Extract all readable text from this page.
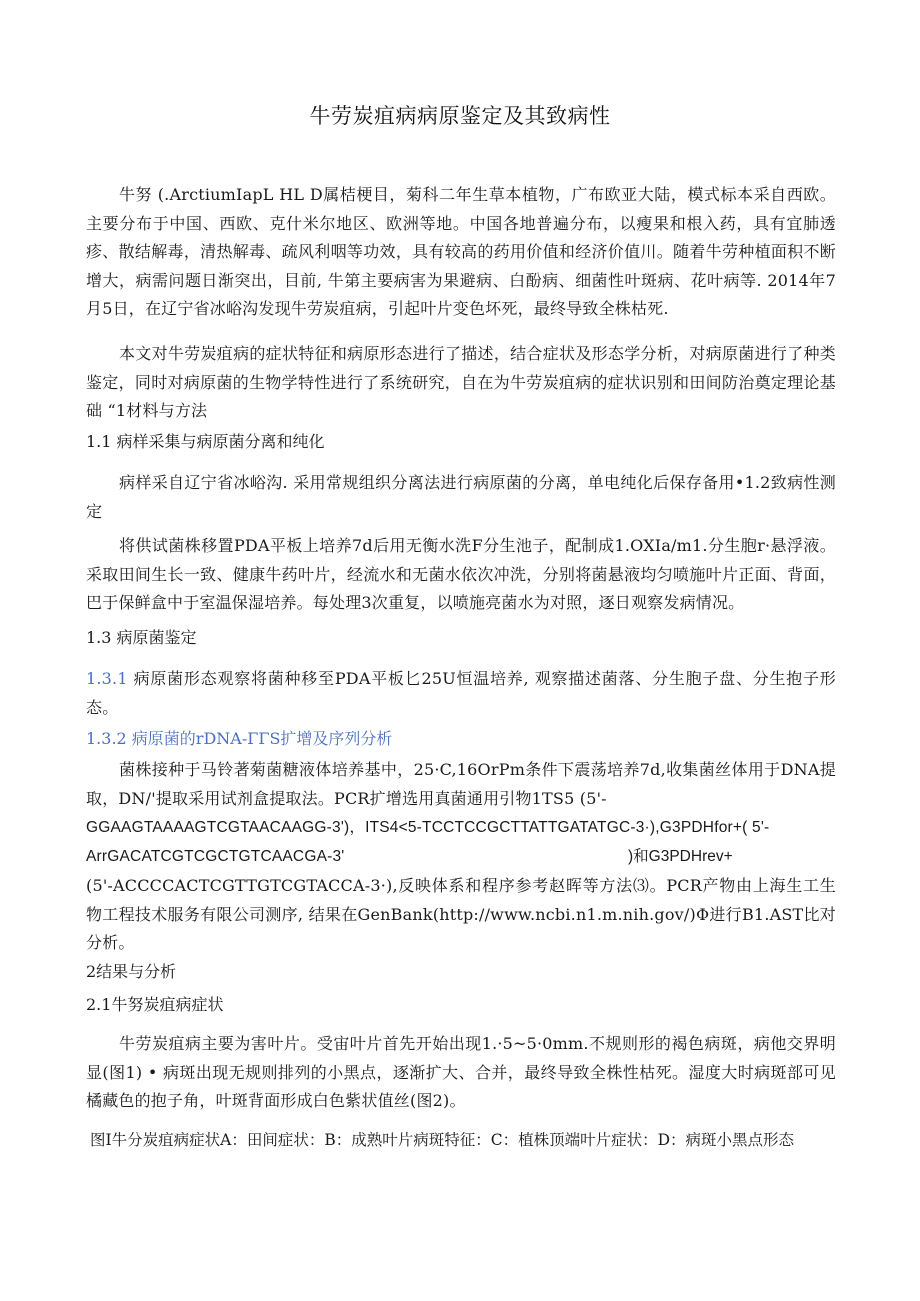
牛劳炭疽病病原鉴定及其致病性

牛努 (.ArctiumIapL HL D属桔梗目，菊科二年生草本植物，广布欧亚大陆，模式标本采自西欧。主要分布于中国、西欧、克什米尔地区、欧洲等地。中国各地普遍分布，以瘦果和根入药，具有宜肺透疹、散结解毒，清热解毒、疏风利咽等功效，具有较高的药用价值和经济价值川。随着牛劳种植面积不断增大，病需问题日渐突出，目前, 牛第主要病害为果避病、白酚病、细菌性叶斑病、花叶病等. 2014年7月5日，在辽宁省冰峪沟发现牛劳炭疽病，引起叶片变色坏死，最终导致全株枯死.

本文对牛劳炭疽病的症状特征和病原形态进行了描述，结合症状及形态学分析，对病原菌进行了种类鉴定，同时对病原菌的生物学特性进行了系统研究，自在为牛劳炭疽病的症状识别和田间防治奠定理论基础 “1材料与方法

1.1 病样采集与病原菌分离和纯化

病样采自辽宁省冰峪沟. 采用常规组织分离法进行病原菌的分离，单电纯化后保存备用•1.2致病性测定

将供试菌株移置PDA平板上培养7d后用无衡水洗F分生池子，配制成1.OXIa∕m1.分生胞r·悬浮液。采取田间生长一致、健康牛药叶片，经流水和无菌水依次冲洗，分别将菌悬液均匀喷施叶片正面、背面，巴于保鲜盒中于室温保湿培养。每处理3次重复，以喷施亮菌水为对照，逐日观察发病情况。

1.3 病原菌鉴定

1.3.1 病原菌形态观察将菌种移至PDA平板匕25U恒温培养, 观察描述菌落、分生胞子盘、分生抱子形态。

1.3.2 病原菌的rDNA-ΓΓS扩增及序列分析

菌株接种于马铃著菊菌糖液体培养基中，25·C,16OrPm条件下震荡培养7d,收集菌丝体用于DNA提取，DN/'提取采用试剂盒提取法。PCR扩增选用真菌通用引物1TS5 (5'-

GGAAGTAAAAGTCGTAACAAGG-3')，ITS4<5-TCCTCCGCTTATTGATATGC-3·),G3PDHfor+( 5'-

ArrGACATCGTCGCTGTCAACGA-3'	)和G3PDHrev+

(5'-ACCCCACTCGTTGTCGTACCA-3·),反映体系和程序参考赵晖等方法⑶。PCR产物由上海生工生物工程技术服务有限公司测序, 结果在GenBank(http://www.ncbi.n1.m.nih.gov/)Φ进行B1.AST比对分析。

2结果与分析

2.1牛努炭疽病症状

牛劳炭疽病主要为害叶片。受宙叶片首先开始出现1.·5~5·0mm.不规则形的褐色病斑，病他交界明显(图1) • 病斑出现无规则排列的小黑点，逐渐扩大、合并，最终导致全株性枯死。湿度大时病斑部可见橘藏色的抱子角，叶斑背面形成白色紫状值丝(图2)。

图I牛分炭疽病症状A：田间症状：B：成熟叶片病斑特征：C：植株顶端叶片症状：D：病斑小黑点形态
